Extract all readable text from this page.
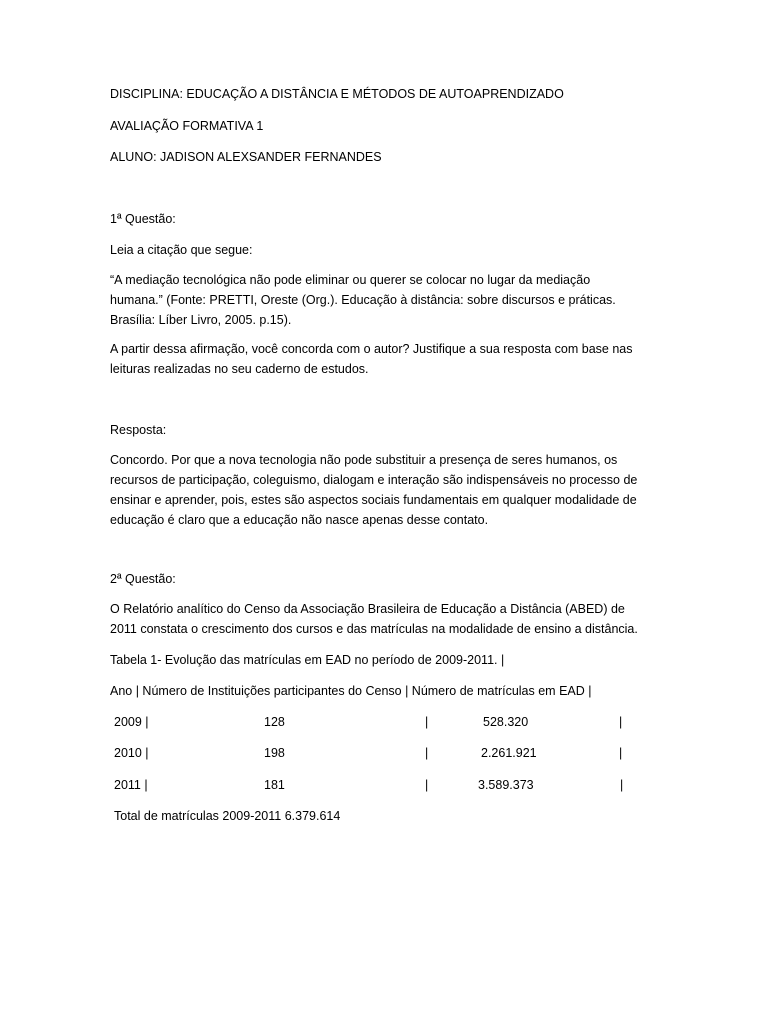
DISCIPLINA: EDUCAÇÃO A DISTÂNCIA E MÉTODOS DE AUTOAPRENDIZADO
AVALIAÇÃO FORMATIVA 1
ALUNO: JADISON ALEXSANDER FERNANDES
1ª Questão:
Leia a citação que segue:
“A mediação tecnológica não pode eliminar ou querer se colocar no lugar da mediação
humana.” (Fonte: PRETTI, Oreste (Org.). Educação à distância: sobre discursos e práticas.
Brasília: Líber Livro, 2005. p.15).
A partir dessa afirmação, você concorda com o autor? Justifique a sua resposta com base nas
leituras realizadas no seu caderno de estudos.
Resposta:
Concordo. Por que a nova tecnologia não pode substituir a presença de seres humanos, os
recursos de participação, coleguismo, dialogam e interação são indispensáveis no processo de
ensinar e aprender, pois, estes são aspectos sociais fundamentais em qualquer modalidade de
educação é claro que a educação não nasce apenas desse contato.
2ª Questão:
O Relatório analítico do Censo da Associação Brasileira de Educação a Distância (ABED) de
2011 constata o crescimento dos cursos e das matrículas na modalidade de ensino a distância.
Tabela 1- Evolução das matrículas em EAD no período de 2009-2011. |
Ano | Número de Instituições participantes do Censo | Número de matrículas em EAD |
2009 |	128	|	528.320	|
2010 |	198	|	2.261.921	|
2011 |	181	|	3.589.373	|
Total de matrículas 2009-2011 6.379.614
